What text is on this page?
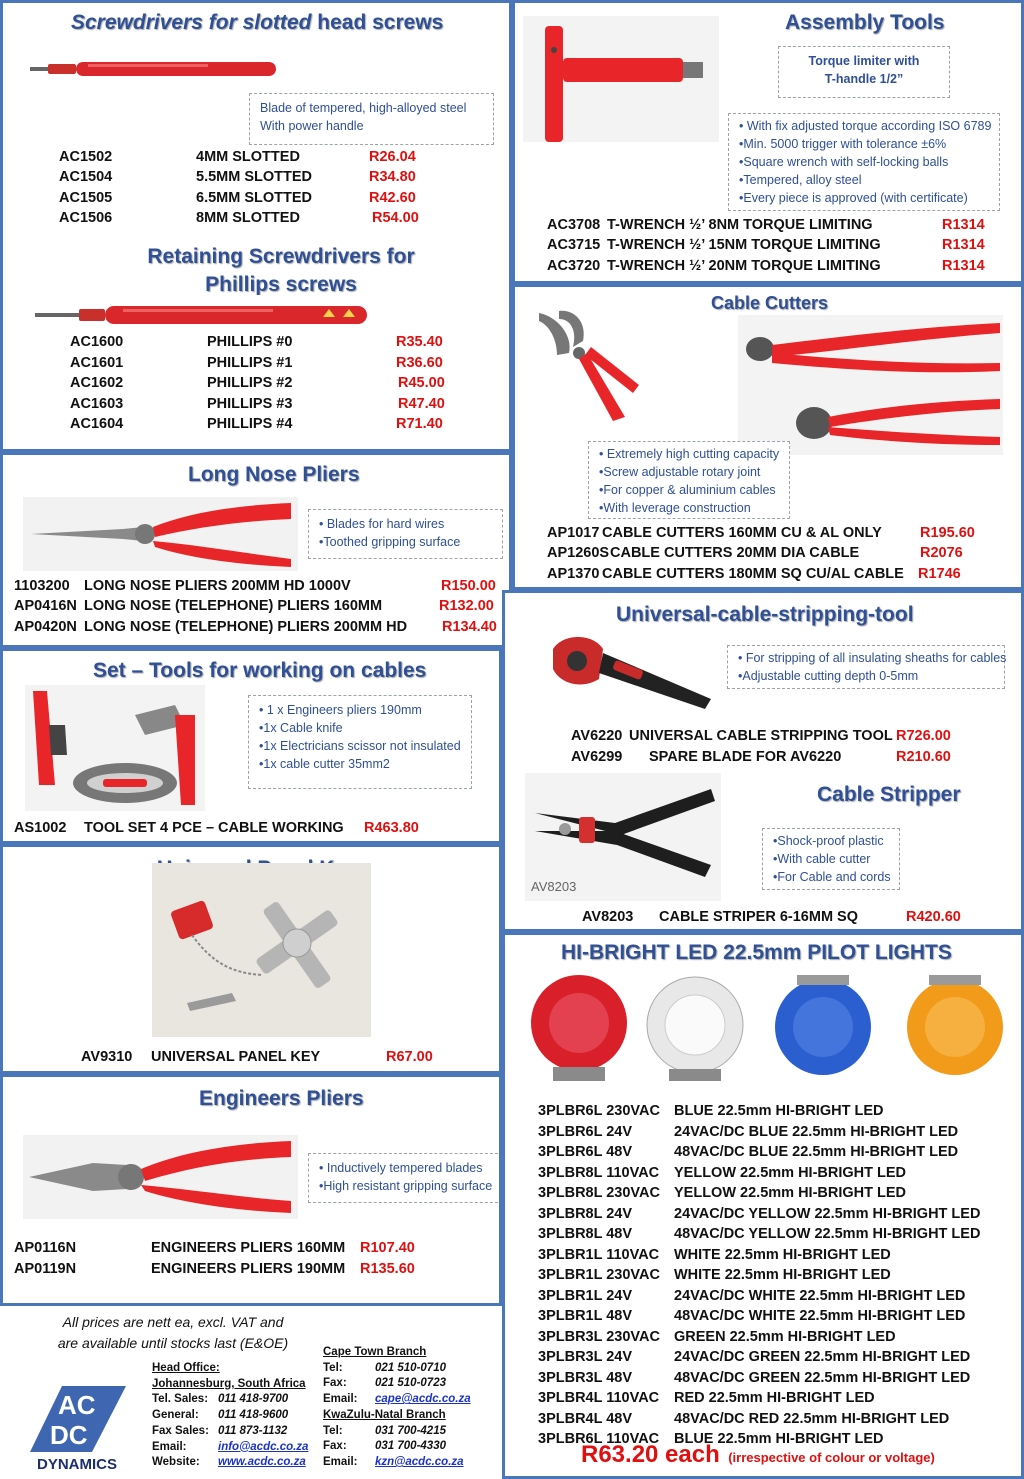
Screwdrivers for slotted head screws
Blade of tempered, high-alloyed steel
With power handle
AC1502	4MM SLOTTED	R26.04
AC1504	5.5MM SLOTTED	R34.80
AC1505	6.5MM SLOTTED	R42.60
AC1506	8MM SLOTTED	R54.00
Retaining Screwdrivers for
Phillips screws
AC1600	PHILLIPS #0	R35.40
AC1601	PHILLIPS #1	R36.60
AC1602	PHILLIPS #2	R45.00
AC1603	PHILLIPS #3	R47.40
AC1604	PHILLIPS #4	R71.40
Long Nose Pliers
• Blades for hard wires
•Toothed gripping surface
1103200 LONG NOSE PLIERS 200MM HD 1000V	R150.00
AP0416N LONG NOSE (TELEPHONE) PLIERS 160MM	R132.00
AP0420N LONG NOSE (TELEPHONE) PLIERS 200MM HD R134.40
Set – Tools for working on cables
• 1 x Engineers pliers 190mm
•1x Cable knife
•1x Electricians scissor not insulated
•1x cable cutter 35mm2
AS1002 TOOL SET 4 PCE – CABLE WORKING R463.80
AV9310 UNIVERSAL PANEL KEY	R67.00
Engineers Pliers
• Inductively tempered blades
•High resistant gripping surface
AP0116N	ENGINEERS PLIERS 160MM R107.40
AP0119N	ENGINEERS PLIERS 190MM R135.60
Assembly Tools
Torque limiter with
T-handle 1/2”
• With fix adjusted torque according ISO 6789
•Min. 5000 trigger with tolerance ±6%
•Square wrench with self-locking balls
•Tempered, alloy steel
•Every piece is approved (with certificate)
AC3708 T-WRENCH ½’ 8NM TORQUE LIMITING	R1314
AC3715 T-WRENCH ½’ 15NM TORQUE LIMITING	R1314
AC3720 T-WRENCH ½’ 20NM TORQUE LIMITING	R1314
Cable Cutters
• Extremely high cutting capacity
•Screw adjustable rotary joint
•For copper & aluminium cables
•With leverage construction
AP1017 CABLE CUTTERS 160MM CU & AL ONLY	R195.60
AP1260S CABLE CUTTERS 20MM DIA CABLE	R2076
AP1370 CABLE CUTTERS 180MM SQ CU/AL CABLE R1746
Universal-cable-stripping-tool
• For stripping of all insulating sheaths for cables
•Adjustable cutting depth 0-5mm
AV6220 UNIVERSAL CABLE STRIPPING TOOL R726.00
AV6299 SPARE BLADE FOR AV6220	R210.60
Cable Stripper
AV8203
•Shock-proof plastic
•With cable cutter
•For Cable and cords
AV8203 CABLE STRIPER 6-16MM SQ	R420.60
HI-BRIGHT LED 22.5mm PILOT LIGHTS
3PLBR6L 230VAC BLUE 22.5mm HI-BRIGHT LED
3PLBR6L 24V	24VAC/DC BLUE 22.5mm HI-BRIGHT LED
3PLBR6L 48V	48VAC/DC BLUE 22.5mm HI-BRIGHT LED
3PLBR8L 110VAC YELLOW 22.5mm HI-BRIGHT LED
3PLBR8L 230VAC YELLOW 22.5mm HI-BRIGHT LED
3PLBR8L 24V	24VAC/DC YELLOW 22.5mm HI-BRIGHT LED
3PLBR8L 48V	48VAC/DC YELLOW 22.5mm HI-BRIGHT LED
3PLBR1L 110VAC WHITE 22.5mm HI-BRIGHT LED
3PLBR1L 230VAC WHITE 22.5mm HI-BRIGHT LED
3PLBR1L 24V	24VAC/DC WHITE 22.5mm HI-BRIGHT LED
3PLBR1L 48V	48VAC/DC WHITE 22.5mm HI-BRIGHT LED
3PLBR3L 230VAC GREEN 22.5mm HI-BRIGHT LED
3PLBR3L 24V	24VAC/DC GREEN 22.5mm HI-BRIGHT LED
3PLBR3L 48V	48VAC/DC GREEN 22.5mm HI-BRIGHT LED
3PLBR4L 110VAC RED 22.5mm HI-BRIGHT LED
3PLBR4L 48V	48VAC/DC RED 22.5mm HI-BRIGHT LED
3PLBR6L 110VAC BLUE 22.5mm HI-BRIGHT LED
R63.20 each (irrespective of colour or voltage)
All prices are nett ea, excl. VAT and
are available until stocks last (E&OE)
AC
DC
DYNAMICS
Head Office:
Johannesburg, South Africa
Tel. Sales: 011 418-9700
General: 011 418-9600
Fax Sales: 011 873-1132
Email:	info@acdc.co.za
Website: www.acdc.co.za
Cape Town Branch
Tel:	021 510-0710
Fax: 021 510-0723
Email: cape@acdc.co.za
KwaZulu-Natal Branch
Tel:	031 700-4215
Fax: 031 700-4330
Email: kzn@acdc.co.za
